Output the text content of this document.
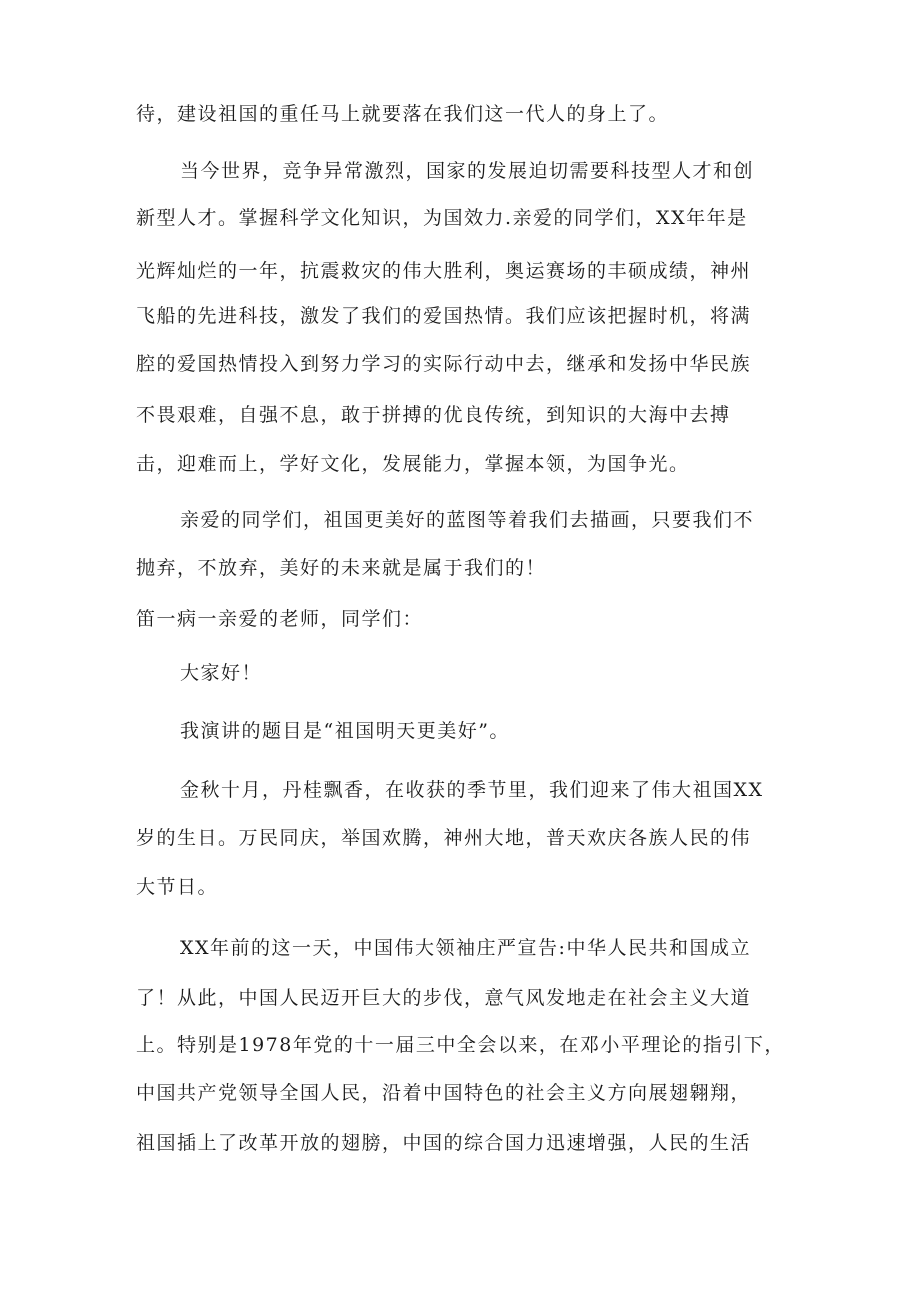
待，建设祖国的重任马上就要落在我们这一代人的身上了。

当今世界，竞争异常激烈，国家的发展迫切需要科技型人才和创

新型人才。掌握科学文化知识，为国效力.亲爱的同学们，XX年年是

光辉灿烂的一年，抗震救灾的伟大胜利，奥运赛场的丰硕成绩，神州

飞船的先进科技，激发了我们的爱国热情。我们应该把握时机，将满

腔的爱国热情投入到努力学习的实际行动中去，继承和发扬中华民族

不畏艰难，自强不息，敢于拼搏的优良传统，到知识的大海中去搏

击，迎难而上，学好文化，发展能力，掌握本领，为国争光。

亲爱的同学们，祖国更美好的蓝图等着我们去描画，只要我们不

抛弃，不放弃，美好的未来就是属于我们的！

笛一病一亲爱的老师，同学们：

大家好！

我演讲的题目是“祖国明天更美好”。

金秋十月，丹桂飘香，在收获的季节里，我们迎来了伟大祖国XX

岁的生日。万民同庆，举国欢腾，神州大地，普天欢庆各族人民的伟

大节日。

XX年前的这一天，中国伟大领袖庄严宣告:中华人民共和国成立

了！从此，中国人民迈开巨大的步伐，意气风发地走在社会主义大道

上。特别是1978年党的十一届三中全会以来，在邓小平理论的指引下，

中国共产党领导全国人民，沿着中国特色的社会主义方向展翅翱翔，

祖国插上了改革开放的翅膀，中国的综合国力迅速增强，人民的生活
